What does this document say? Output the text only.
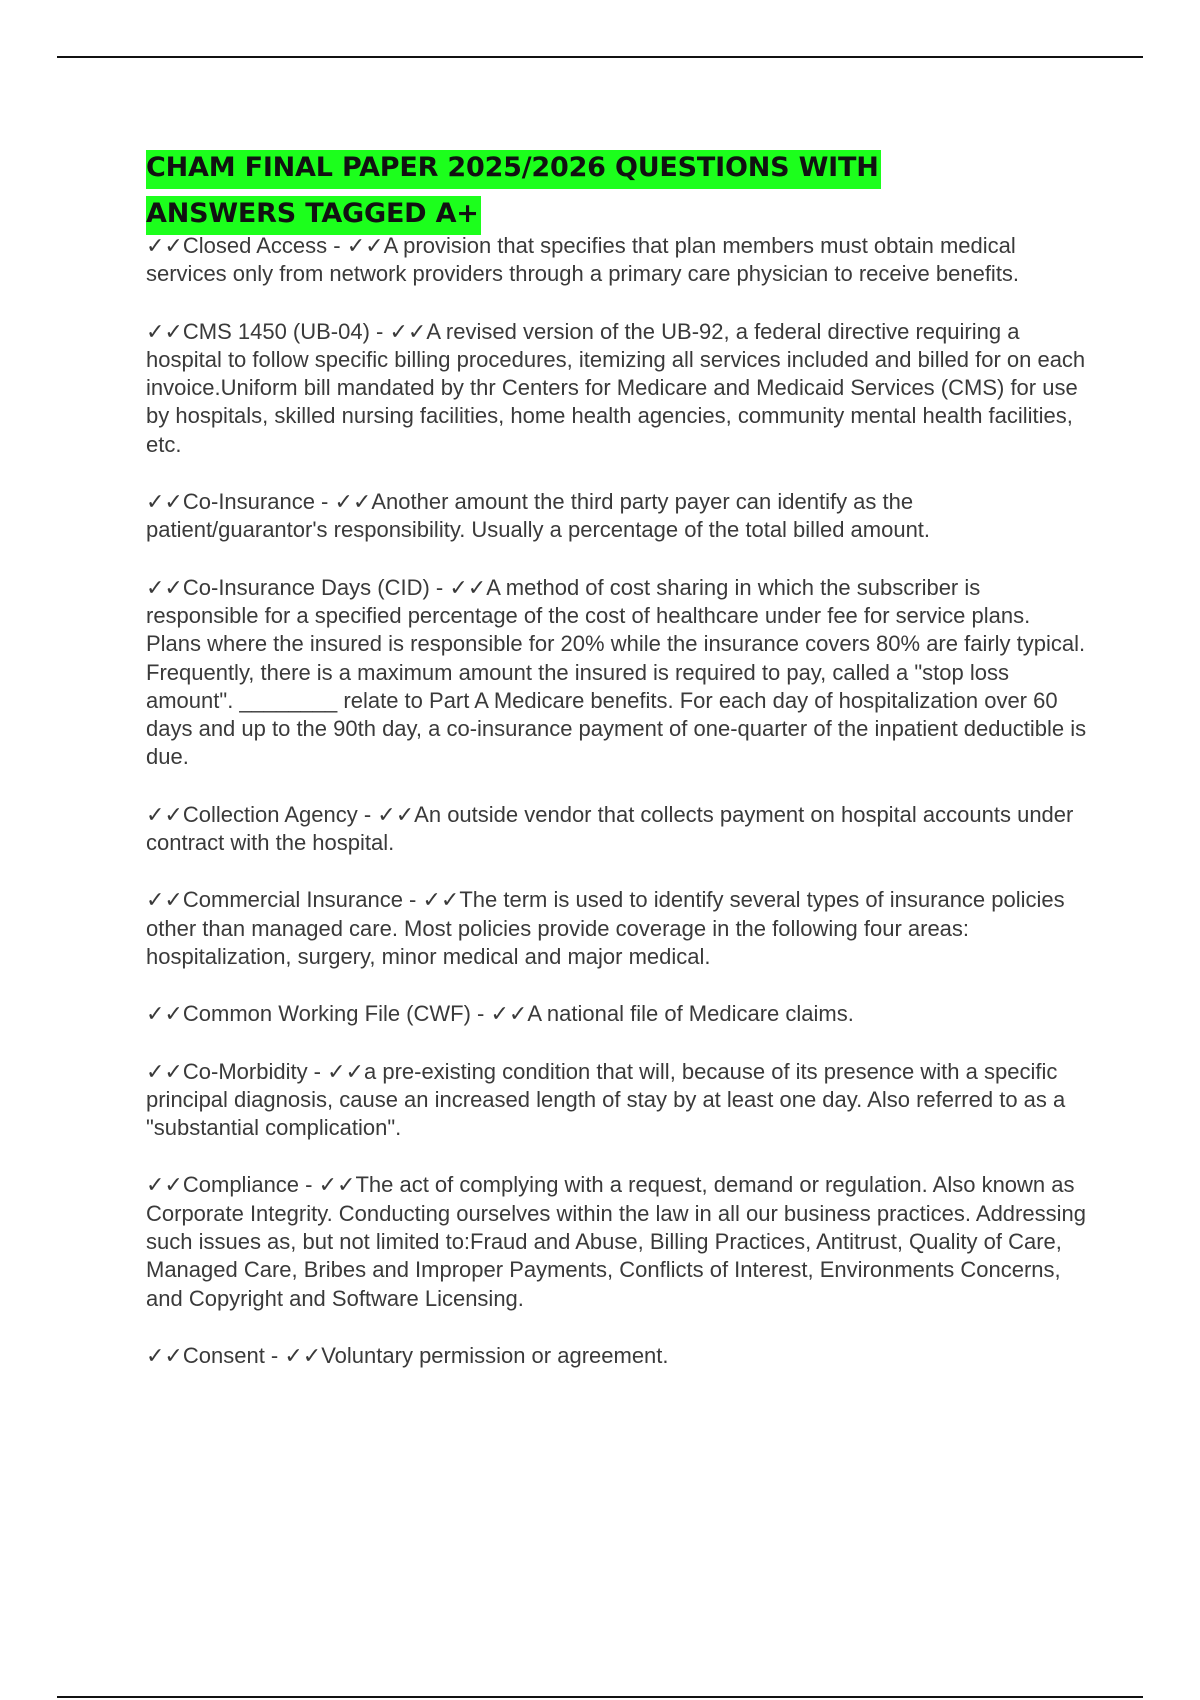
CHAM FINAL PAPER 2025/2026 QUESTIONS WITH ANSWERS TAGGED A+
✓✓Closed Access - ✓✓A provision that specifies that plan members must obtain medical services only from network providers through a primary care physician to receive benefits.
✓✓CMS 1450 (UB-04) - ✓✓A revised version of the UB-92, a federal directive requiring a hospital to follow specific billing procedures, itemizing all services included and billed for on each invoice.Uniform bill mandated by thr Centers for Medicare and Medicaid Services (CMS) for use by hospitals, skilled nursing facilities, home health agencies, community mental health facilities, etc.
✓✓Co-Insurance - ✓✓Another amount the third party payer can identify as the patient/guarantor's responsibility. Usually a percentage of the total billed amount.
✓✓Co-Insurance Days (CID) - ✓✓A method of cost sharing in which the subscriber is responsible for a specified percentage of the cost of healthcare under fee for service plans. Plans where the insured is responsible for 20% while the insurance covers 80% are fairly typical. Frequently, there is a maximum amount the insured is required to pay, called a "stop loss amount". ________ relate to Part A Medicare benefits. For each day of hospitalization over 60 days and up to the 90th day, a co-insurance payment of one-quarter of the inpatient deductible is due.
✓✓Collection Agency - ✓✓An outside vendor that collects payment on hospital accounts under contract with the hospital.
✓✓Commercial Insurance - ✓✓The term is used to identify several types of insurance policies other than managed care. Most policies provide coverage in the following four areas: hospitalization, surgery, minor medical and major medical.
✓✓Common Working File (CWF) - ✓✓A national file of Medicare claims.
✓✓Co-Morbidity - ✓✓a pre-existing condition that will, because of its presence with a specific principal diagnosis, cause an increased length of stay by at least one day. Also referred to as a "substantial complication".
✓✓Compliance - ✓✓The act of complying with a request, demand or regulation. Also known as Corporate Integrity. Conducting ourselves within the law in all our business practices. Addressing such issues as, but not limited to:Fraud and Abuse, Billing Practices, Antitrust, Quality of Care, Managed Care, Bribes and Improper Payments, Conflicts of Interest, Environments Concerns, and Copyright and Software Licensing.
✓✓Consent - ✓✓Voluntary permission or agreement.
